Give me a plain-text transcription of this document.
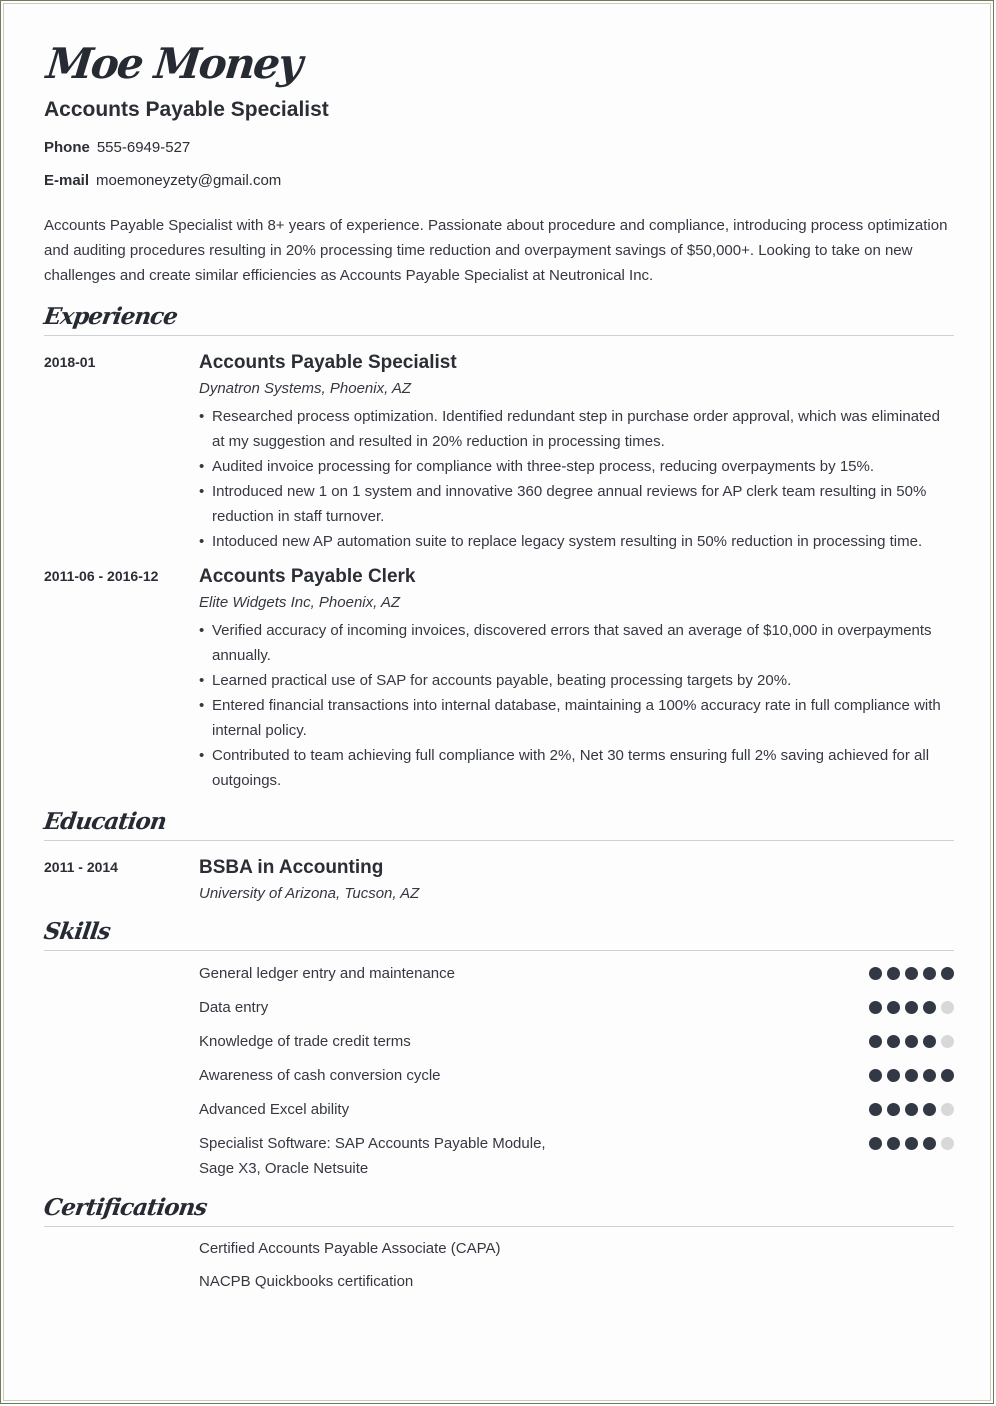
Moe Money
Accounts Payable Specialist
Phone 555-6949-527
E-mail moemoneyzety@gmail.com
Accounts Payable Specialist with 8+ years of experience. Passionate about procedure and compliance, introducing process optimization and auditing procedures resulting in 20% processing time reduction and overpayment savings of $50,000+. Looking to take on new challenges and create similar efficiencies as Accounts Payable Specialist at Neutronical Inc.
Experience
2018-01	Accounts Payable Specialist
Dynatron Systems, Phoenix, AZ
• Researched process optimization. Identified redundant step in purchase order approval, which was eliminated at my suggestion and resulted in 20% reduction in processing times.
• Audited invoice processing for compliance with three-step process, reducing overpayments by 15%.
• Introduced new 1 on 1 system and innovative 360 degree annual reviews for AP clerk team resulting in 50% reduction in staff turnover.
• Intoduced new AP automation suite to replace legacy system resulting in 50% reduction in processing time.
2011-06 - 2016-12	Accounts Payable Clerk
Elite Widgets Inc, Phoenix, AZ
• Verified accuracy of incoming invoices, discovered errors that saved an average of $10,000 in overpayments annually.
• Learned practical use of SAP for accounts payable, beating processing targets by 20%.
• Entered financial transactions into internal database, maintaining a 100% accuracy rate in full compliance with internal policy.
• Contributed to team achieving full compliance with 2%, Net 30 terms ensuring full 2% saving achieved for all outgoings.
Education
2011 - 2014	BSBA in Accounting
University of Arizona, Tucson, AZ
Skills
General ledger entry and maintenance
Data entry
Knowledge of trade credit terms
Awareness of cash conversion cycle
Advanced Excel ability
Specialist Software: SAP Accounts Payable Module, Sage X3, Oracle Netsuite
Certifications
Certified Accounts Payable Associate (CAPA)
NACPB Quickbooks certification
